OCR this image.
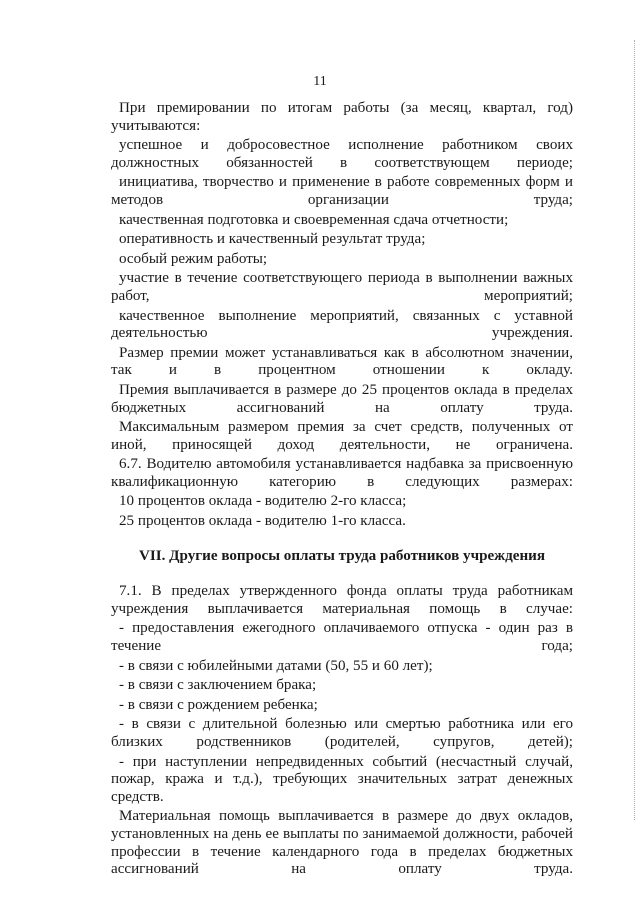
11

При премировании по итогам работы (за месяц, квартал, год) учитываются:

успешное и добросовестное исполнение работником своих должностных обязанностей в соответствующем периоде;

инициатива, творчество и применение в работе современных форм и методов организации труда;

качественная подготовка и своевременная сдача отчетности;

оперативность и качественный результат труда;

особый режим работы;

участие в течение соответствующего периода в выполнении важных работ, мероприятий;

качественное выполнение мероприятий, связанных с уставной деятельностью учреждения.

Размер премии может устанавливаться как в абсолютном значении, так и в процентном отношении к окладу.

Премия выплачивается в размере до 25 процентов оклада в пределах бюджетных ассигнований на оплату труда.

Максимальным размером премия за счет средств, полученных от иной, приносящей доход деятельности, не ограничена.

6.7. Водителю автомобиля устанавливается надбавка за присвоенную квалификационную категорию в следующих размерах:

10 процентов оклада - водителю 2-го класса;

25 процентов оклада - водителю 1-го класса.

VII. Другие вопросы оплаты труда работников учреждения

7.1. В пределах утвержденного фонда оплаты труда работникам учреждения выплачивается материальная помощь в случае:

- предоставления ежегодного оплачиваемого отпуска - один раз в течение года;

- в связи с юбилейными датами (50, 55 и 60 лет);

- в связи с заключением брака;

- в связи с рождением ребенка;

- в связи с длительной болезнью или смертью работника или его близких родственников (родителей, супругов, детей);

- при наступлении непредвиденных событий (несчастный случай, пожар, кража и т.д.), требующих значительных затрат денежных средств.

Материальная помощь выплачивается в размере до двух окладов, установленных на день ее выплаты по занимаемой должности, рабочей профессии в течение календарного года в пределах бюджетных ассигнований на оплату труда.
